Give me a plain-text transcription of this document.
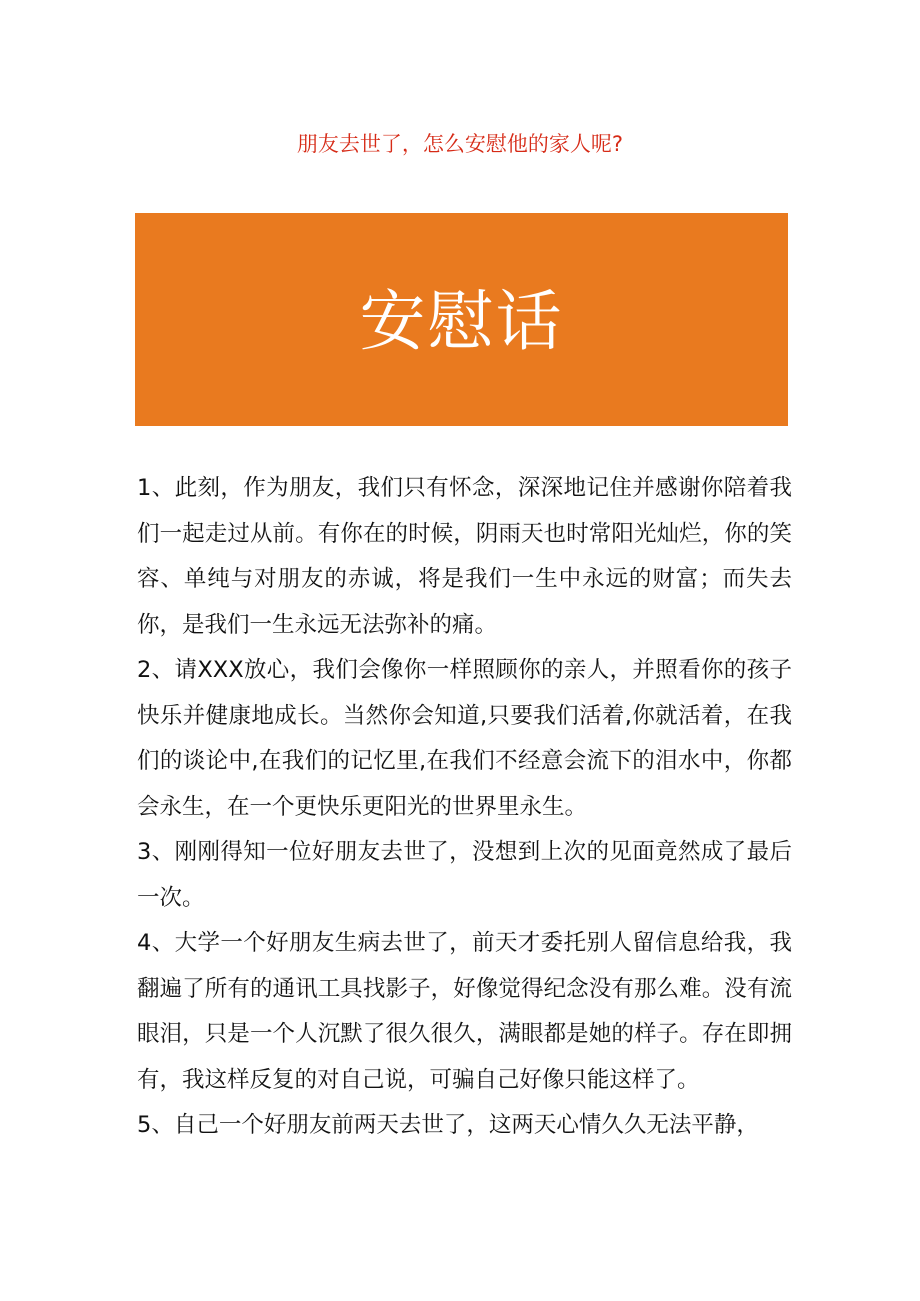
朋友去世了，怎么安慰他的家人呢?
安慰话

1、此刻，作为朋友，我们只有怀念，深深地记住并感谢你陪着我们一起走过从前。有你在的时候，阴雨天也时常阳光灿烂，你的笑容、单纯与对朋友的赤诚，将是我们一生中永远的财富；而失去你，是我们一生永远无法弥补的痛。

2、请XXX放心，我们会像你一样照顾你的亲人，并照看你的孩子快乐并健康地成长。当然你会知道,只要我们活着,你就活着，在我们的谈论中,在我们的记忆里,在我们不经意会流下的泪水中，你都会永生，在一个更快乐更阳光的世界里永生。

3、刚刚得知一位好朋友去世了，没想到上次的见面竟然成了最后一次。

4、大学一个好朋友生病去世了，前天才委托别人留信息给我，我翻遍了所有的通讯工具找影子，好像觉得纪念没有那么难。没有流眼泪，只是一个人沉默了很久很久，满眼都是她的样子。存在即拥有，我这样反复的对自己说，可骗自己好像只能这样了。

5、自己一个好朋友前两天去世了，这两天心情久久无法平静，
